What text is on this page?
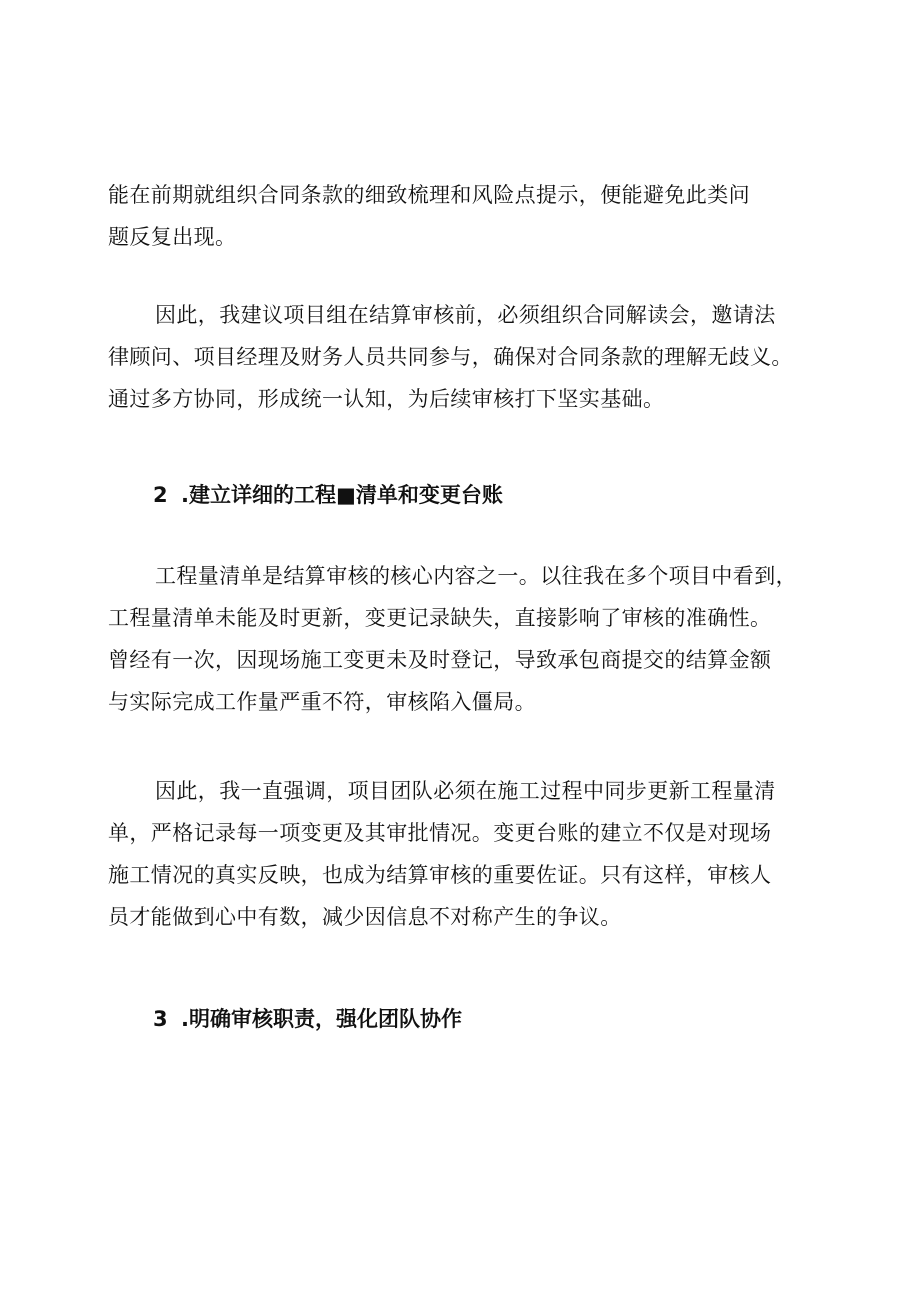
能在前期就组织合同条款的细致梳理和风险点提示，便能避免此类问
题反复出现。
因此，我建议项目组在结算审核前，必须组织合同解读会，邀请法
律顾问、项目经理及财务人员共同参与，确保对合同条款的理解无歧义。
通过多方协同，形成统一认知，为后续审核打下坚实基础。
2 .建立详细的工程■清单和变更台账
工程量清单是结算审核的核心内容之一。以往我在多个项目中看到，
工程量清单未能及时更新，变更记录缺失，直接影响了审核的准确性。
曾经有一次，因现场施工变更未及时登记，导致承包商提交的结算金额
与实际完成工作量严重不符，审核陷入僵局。
因此，我一直强调，项目团队必须在施工过程中同步更新工程量清
单，严格记录每一项变更及其审批情况。变更台账的建立不仅是对现场
施工情况的真实反映，也成为结算审核的重要佐证。只有这样，审核人
员才能做到心中有数，减少因信息不对称产生的争议。
3 .明确审核职责，强化团队协作
